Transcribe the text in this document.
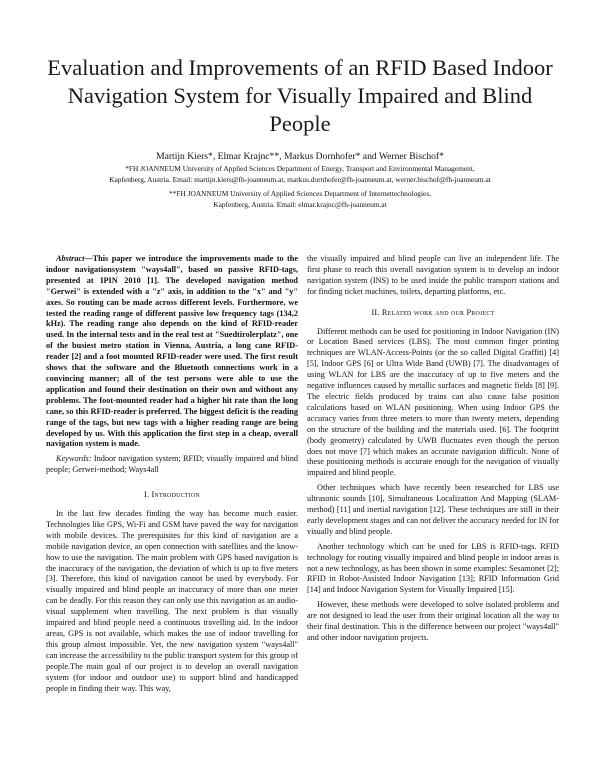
Evaluation and Improvements of an RFID Based Indoor Navigation System for Visually Impaired and Blind People
Martijn Kiers*, Elmar Krajnc**, Markus Dornhofer* and Werner Bischof*
*FH JOANNEUM University of Applied Sciences Department of Energy, Transport and Environmental Management,
Kapfenberg, Austria. Email: martijn.kiers@fh-joanneum.at, markus.dornhofer@fh-joanneum.at, werner.bischof@fh-joanneum.at
**FH JOANNEUM University of Applied Sciences Department of Internettechnologies,
Kapfenberg, Austria. Email: elmar.krajnc@fh-joanneum.at

Abstract—This paper we introduce the improvements made to the indoor navigationsystem "ways4all", based on passive RFID-tags, presented at IPIN 2010 [1]. The developed navigation method "Gerwei" is extended with a "z" axis, in addition to the "x" and "y" axes. So routing can be made across different levels. Furthermore, we tested the reading range of different passive low frequency tags (134,2 kHz). The reading range also depends on the kind of RFID-reader used. In the internal tests and in the real test at "Suedtirolerplatz", one of the busiest metro station in Vienna, Austria, a long cane RFID-reader [2] and a foot mounted RFID-reader were used. The first result shows that the software and the Bluetooth connections work in a convincing manner; all of the test persons were able to use the application and found their destination on their own and without any problems. The foot-mounted reader had a higher hit rate than the long cane, so this RFID-reader is preferred. The biggest deficit is the reading range of the tags, but new tags with a higher reading range are being developed by us. With this application the first step in a cheap, overall navigation system is made.

Keywords: Indoor navigation system; RFID; visually impaired and blind people; Gerwei-method; Ways4all

I. Introduction

In the last few decades finding the way has become much easier. Technologies like GPS, Wi-Fi and GSM have paved the way for navigation with mobile devices. The prerequisites for this kind of navigation are a mobile navigation device, an open connection with satellites and the know-how to use the navigation. The main problem with GPS based navigation is the inaccuracy of the navigation, the deviation of which is up to five meters [3]. Therefore, this kind of navigation cannot be used by everybody. For visually impaired and blind people an inaccuracy of more than one meter can be deadly. For this reason they can only use this navigation as an audio-visual supplement when travelling. The next problem is that visually impaired and blind people need a continuous travelling aid. In the indoor areas, GPS is not available, which makes the use of indoor travelling for this group almost impossible. Yet, the new navigation system "ways4all" can increase the accessibility to the public transport system for this group of people.The main goal of our project is to develop an overall navigation system (for indoor and outdoor use) to support blind and handicapped people in finding their way. This way,

the visually impaired and blind people can live an independent life. The first phase to reach this overall navigation system is to develop an indoor navigation system (INS) to be used inside the public transport stations and for finding ticket machines, toilets, departing platforms, etc.

II. Related work and our Project

Different methods can be used for positioning in Indoor Navigation (IN) or Location Based services (LBS). The most common finger printing techniques are WLAN-Access-Points (or the so called Digital Graffiti) [4] [5], Indoor GPS [6] or Ultra Wide Band (UWB) [7]. The disadvantages of using WLAN for LBS are the inaccuracy of up to five meters and the negative influences caused by metallic surfaces and magnetic fields [8] [9]. The electric fields produced by trains can also cause false position calculations based on WLAN positioning. When using Indoor GPS the accuracy varies from three meters to more than twenty meters, depending on the structure of the building and the materials used. [6]. The footprint (body geometry) calculated by UWB fluctuates even though the person does not move [7] which makes an accurate navigation difficult. None of these positioning methods is accurate enough for the navigation of visually impaired and blind people.

Other techniques which have recently been researched for LBS use ultrasonic sounds [10], Simultaneous Localization And Mapping (SLAM-method) [11] and inertial navigation [12]. These techniques are still in their early development stages and can not deliver the accuracy needed for IN for visually and blind people.

Another technology which can be used for LBS is RFID-tags. RFID technology for routing visually impaired and blind people in indoor areas is not a new technology, as has been shown in some examples: Sesamonet [2]; RFID in Robot-Assisted Indoor Navigation [13]; RFID Information Grid [14] and Indoor Navigation System for Visually Impaired [15].

However, these methods were developed to solve isolated problems and are not designed to lead the user from their original location all the way to their final destination. This is the difference between our project "ways4all" and other indoor navigation projects.
